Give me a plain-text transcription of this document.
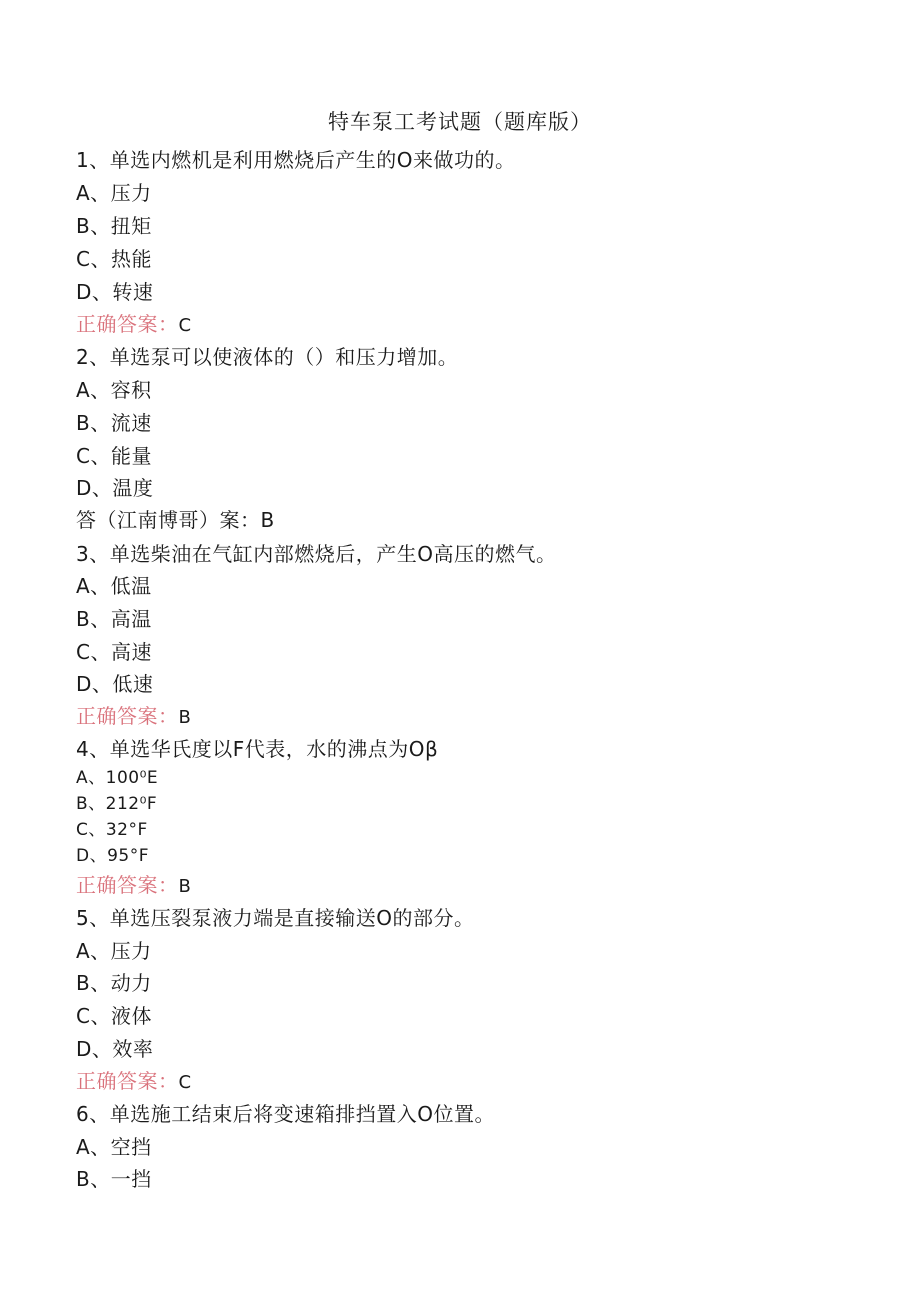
特车泵工考试题（题库版）
1、单选内燃机是利用燃烧后产生的O来做功的。
A、压力
B、扭矩
C、热能
D、转速
正确答案：C
2、单选泵可以使液体的（）和压力增加。
A、容积
B、流速
C、能量
D、温度
答（江南博哥）案：B
3、单选柴油在气缸内部燃烧后，产生O高压的燃气。
A、低温
B、高温
C、高速
D、低速
正确答案：B
4、单选华氏度以F代表，水的沸点为Oβ
A、100⁰E
B、212⁰F
C、32°F
D、95°F
正确答案：B
5、单选压裂泵液力端是直接输送O的部分。
A、压力
B、动力
C、液体
D、效率
正确答案：C
6、单选施工结束后将变速箱排挡置入O位置。
A、空挡
B、一挡
